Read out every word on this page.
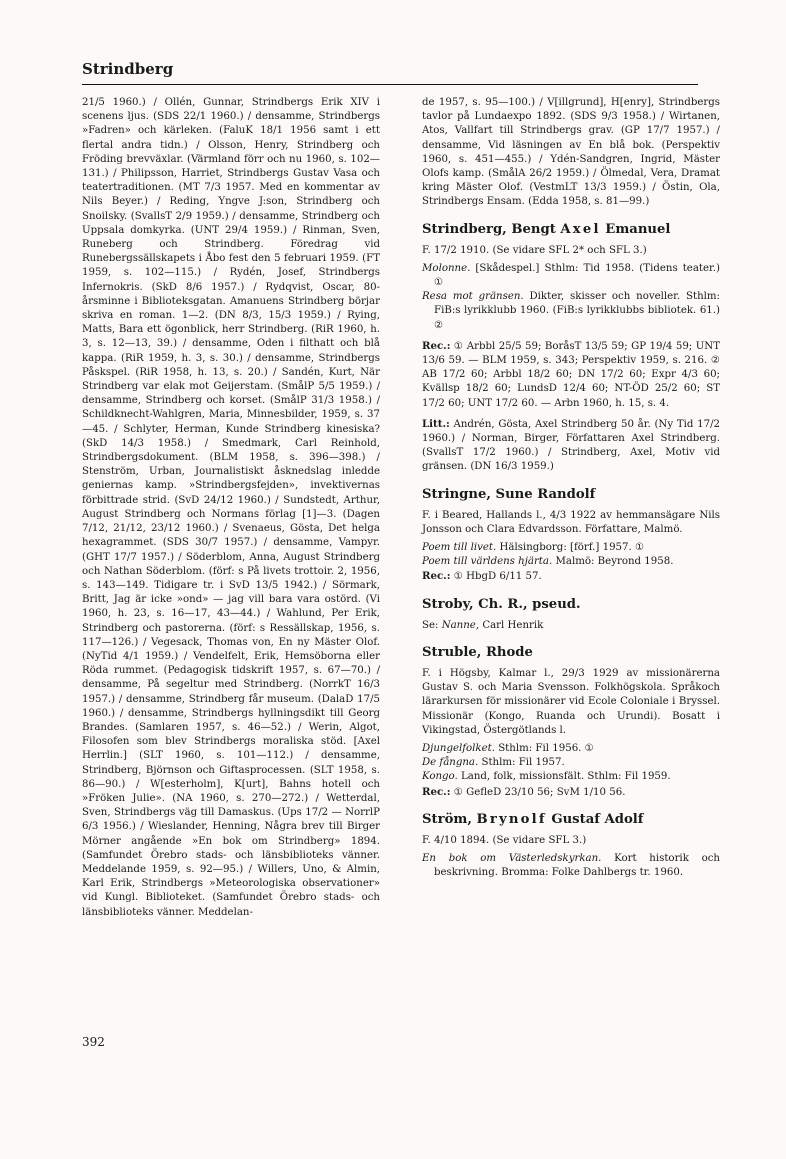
Strindberg

21/5 1960.) / Ollén, Gunnar, Strindbergs Erik XIV i scenens ljus. (SDS 22/1 1960.) / densamme, Strindbergs »Fadren» och kärleken. (FaluK 18/1 1956 samt i ett flertal andra tidn.) / Olsson, Henry, Strindberg och Fröding brevväxlar. (Värmland förr och nu 1960, s. 102—131.) / Philipsson, Harriet, Strindbergs Gustav Vasa och teatertraditionen. (MT 7/3 1957. Med en kommentar av Nils Beyer.) / Reding, Yngve J:son, Strindberg och Snoilsky. (SvallsT 2/9 1959.) / densamme, Strindberg och Uppsala domkyrka. (UNT 29/4 1959.) / Rinman, Sven, Runeberg och Strindberg. Föredrag vid Runebergssällskapets i Åbo fest den 5 februari 1959. (FT 1959, s. 102—115.) / Rydén, Josef, Strindbergs Infernokris. (SkD 8/6 1957.) / Rydqvist, Oscar, 80-årsminne i Biblioteksgatan. Amanuens Strindberg börjar skriva en roman. 1—2. (DN 8/3, 15/3 1959.) / Rying, Matts, Bara ett ögonblick, herr Strindberg. (RiR 1960, h. 3, s. 12—13, 39.) / densamme, Oden i filthatt och blå kappa. (RiR 1959, h. 3, s. 30.) / densamme, Strindbergs Påskspel. (RiR 1958, h. 13, s. 20.) / Sandén, Kurt, När Strindberg var elak mot Geijerstam. (SmålP 5/5 1959.) / densamme, Strindberg och korset. (SmålP 31/3 1958.) / Schildknecht-Wahlgren, Maria, Minnesbilder, 1959, s. 37—45. / Schlyter, Herman, Kunde Strindberg kinesiska? (SkD 14/3 1958.) / Smedmark, Carl Reinhold, Strindbergsdokument. (BLM 1958, s. 396—398.) / Stenström, Urban, Journalistiskt åsknedslag inledde geniernas kamp. »Strindbergsfejden», invektivernas förbittrade strid. (SvD 24/12 1960.) / Sundstedt, Arthur, August Strindberg och Normans förlag [1]—3. (Dagen 7/12, 21/12, 23/12 1960.) / Svenaeus, Gösta, Det helga hexagrammet. (SDS 30/7 1957.) / densamme, Vampyr. (GHT 17/7 1957.) / Söderblom, Anna, August Strindberg och Nathan Söderblom. (förf: s På livets trottoir. 2, 1956, s. 143—149. Tidigare tr. i SvD 13/5 1942.) / Sörmark, Britt, Jag är icke »ond» — jag vill bara vara ostörd. (Vi 1960, h. 23, s. 16—17, 43—44.) / Wahlund, Per Erik, Strindberg och pastorerna. (förf: s Ressällskap, 1956, s. 117—126.) / Vegesack, Thomas von, En ny Mäster Olof. (NyTid 4/1 1959.) / Vendelfelt, Erik, Hemsöborna eller Röda rummet. (Pedagogisk tidskrift 1957, s. 67—70.) / densamme, På segeltur med Strindberg. (NorrkT 16/3 1957.) / densamme, Strindberg får museum. (DalaD 17/5 1960.) / densamme, Strindbergs hyllningsdikt till Georg Brandes. (Samlaren 1957, s. 46—52.) / Werin, Algot, Filosofen som blev Strindbergs moraliska stöd. [Axel Herrlin.] (SLT 1960, s. 101—112.) / densamme, Strindberg, Björnson och Giftasprocessen. (SLT 1958, s. 86—90.) / W[esterholm], K[urt], Bahns hotell och »Fröken Julie». (NA 1960, s. 270—272.) / Wetterdal, Sven, Strindbergs väg till Damaskus. (Ups 17/2 — NorrlP 6/3 1956.) / Wieslander, Henning, Några brev till Birger Mörner angående »En bok om Strindberg» 1894. (Samfundet Örebro stads- och länsbiblioteks vänner. Meddelande 1959, s. 92—95.) / Willers, Uno, & Almin, Karl Erik, Strindbergs »Meteorologiska observationer» vid Kungl. Biblioteket. (Samfundet Örebro stads- och länsbiblioteks vänner. Meddelan-

de 1957, s. 95—100.) / V[illgrund], H[enry], Strindbergs tavlor på Lundaexpo 1892. (SDS 9/3 1958.) / Wirtanen, Atos, Vallfart till Strindbergs grav. (GP 17/7 1957.) / densamme, Vid läsningen av En blå bok. (Perspektiv 1960, s. 451—455.) / Ydén-Sandgren, Ingrid, Mäster Olofs kamp. (SmålA 26/2 1959.) / Ölmedal, Vera, Dramat kring Mäster Olof. (VestmLT 13/3 1959.) / Östin, Ola, Strindbergs Ensam. (Edda 1958, s. 81—99.)

Strindberg, Bengt Axel Emanuel

F. 17/2 1910. (Se vidare SFL 2* och SFL 3.)

Molonne. [Skådespel.] Sthlm: Tid 1958. (Tidens teater.) ①

Resa mot gränsen. Dikter, skisser och noveller. Sthlm: FiB:s lyrikklubb 1960. (FiB:s lyrikklubbs bibliotek. 61.) ②

Rec.: ① Arbbl 25/5 59; BoråsT 13/5 59; GP 19/4 59; UNT 13/6 59. — BLM 1959, s. 343; Perspektiv 1959, s. 216. ② AB 17/2 60; Arbbl 18/2 60; DN 17/2 60; Expr 4/3 60; Kvällsp 18/2 60; LundsD 12/4 60; NT-ÖD 25/2 60; ST 17/2 60; UNT 17/2 60. — Arbn 1960, h. 15, s. 4.

Litt.: Andrén, Gösta, Axel Strindberg 50 år. (Ny Tid 17/2 1960.) / Norman, Birger, Författaren Axel Strindberg. (SvallsT 17/2 1960.) / Strindberg, Axel, Motiv vid gränsen. (DN 16/3 1959.)

Stringne, Sune Randolf

F. i Beared, Hallands l., 4/3 1922 av hemmansägare Nils Jonsson och Clara Edvardsson. Författare, Malmö.

Poem till livet. Hälsingborg: [förf.] 1957. ①

Poem till världens hjärta. Malmö: Beyrond 1958.

Rec.: ① HbgD 6/11 57.

Stroby, Ch. R., pseud.

Se: Nanne, Carl Henrik

Struble, Rhode

F. i Högsby, Kalmar l., 29/3 1929 av missionärerna Gustav S. och Maria Svensson. Folkhögskola. Språkoch lärarkursen för missionärer vid Ecole Coloniale i Bryssel. Missionär (Kongo, Ruanda och Urundi). Bosatt i Vikingstad, Östergötlands l.

Djungelfolket. Sthlm: Fil 1956. ①

De fångna. Sthlm: Fil 1957.

Kongo. Land, folk, missionsfält. Sthlm: Fil 1959.

Rec.: ① GefleD 23/10 56; SvM 1/10 56.

Ström, Brynolf Gustaf Adolf

F. 4/10 1894. (Se vidare SFL 3.)

En bok om Västerledskyrkan. Kort historik och beskrivning. Bromma: Folke Dahlbergs tr. 1960.

392
